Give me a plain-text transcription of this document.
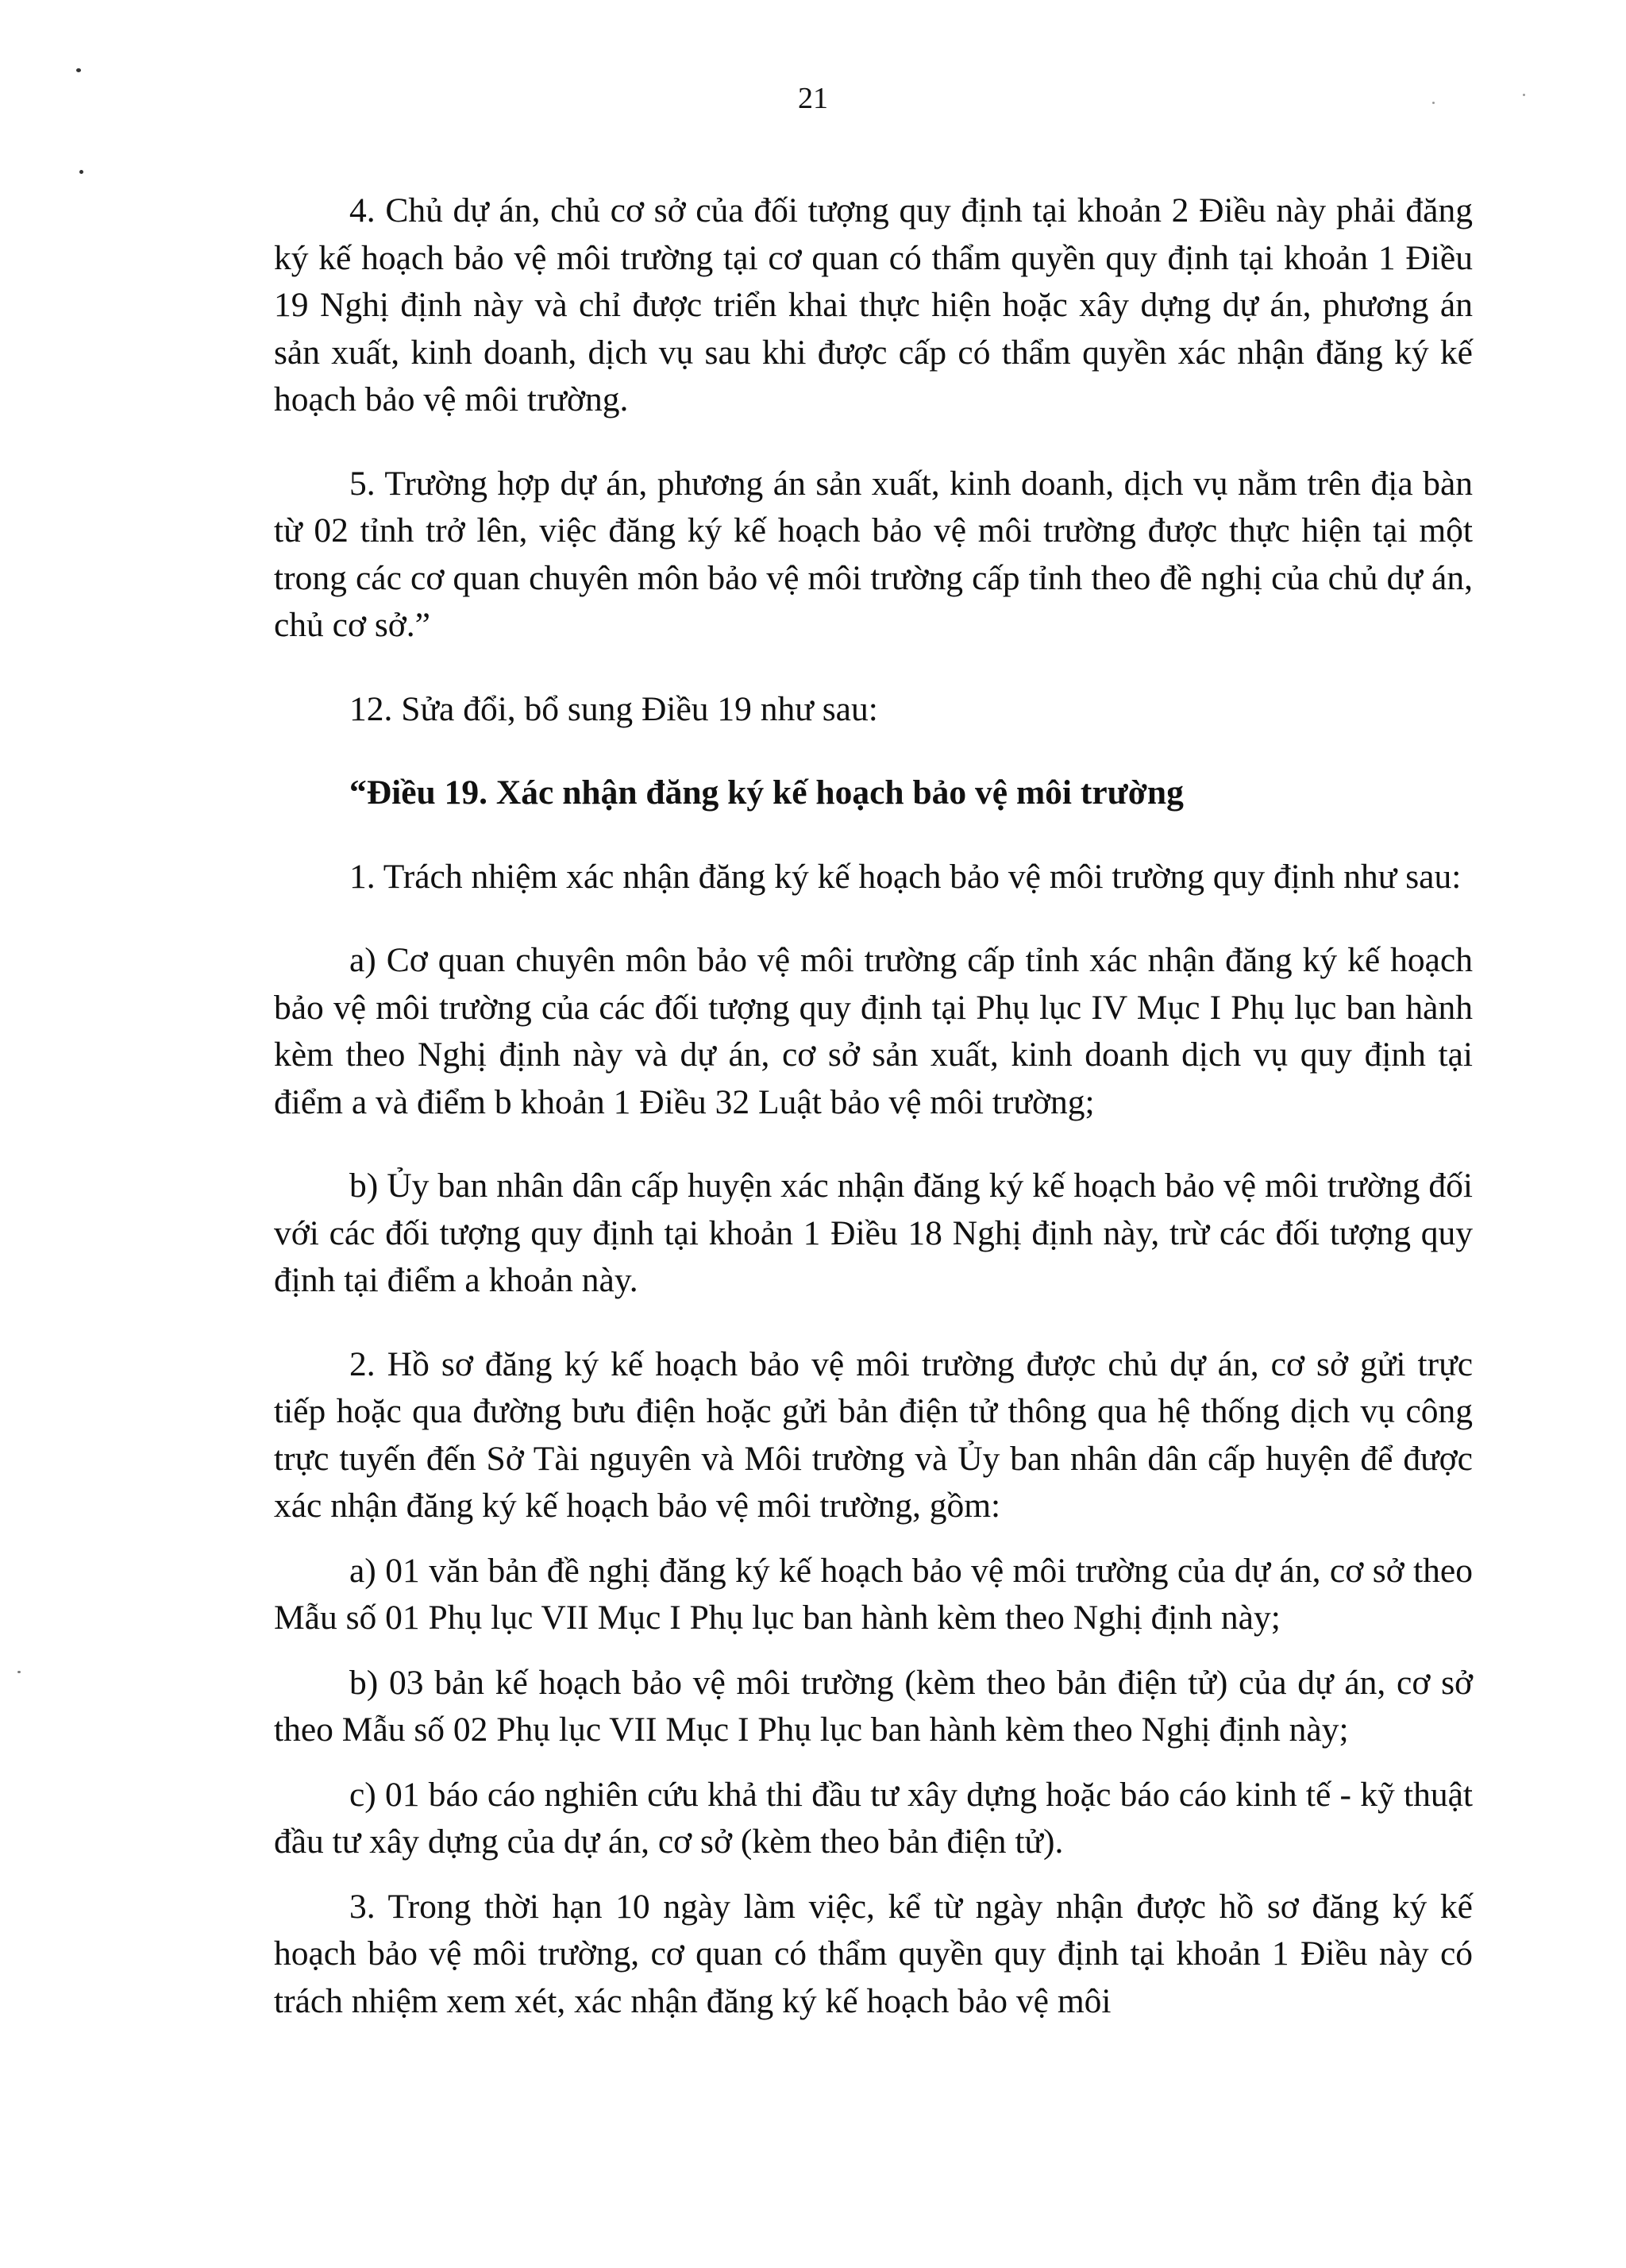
21

4. Chủ dự án, chủ cơ sở của đối tượng quy định tại khoản 2 Điều này phải đăng ký kế hoạch bảo vệ môi trường tại cơ quan có thẩm quyền quy định tại khoản 1 Điều 19 Nghị định này và chỉ được triển khai thực hiện hoặc xây dựng dự án, phương án sản xuất, kinh doanh, dịch vụ sau khi được cấp có thẩm quyền xác nhận đăng ký kế hoạch bảo vệ môi trường.

5. Trường hợp dự án, phương án sản xuất, kinh doanh, dịch vụ nằm trên địa bàn từ 02 tỉnh trở lên, việc đăng ký kế hoạch bảo vệ môi trường được thực hiện tại một trong các cơ quan chuyên môn bảo vệ môi trường cấp tỉnh theo đề nghị của chủ dự án, chủ cơ sở.”

12. Sửa đổi, bổ sung Điều 19 như sau:

“Điều 19. Xác nhận đăng ký kế hoạch bảo vệ môi trường

1. Trách nhiệm xác nhận đăng ký kế hoạch bảo vệ môi trường quy định như sau:

a) Cơ quan chuyên môn bảo vệ môi trường cấp tỉnh xác nhận đăng ký kế hoạch bảo vệ môi trường của các đối tượng quy định tại Phụ lục IV Mục I Phụ lục ban hành kèm theo Nghị định này và dự án, cơ sở sản xuất, kinh doanh dịch vụ quy định tại điểm a và điểm b khoản 1 Điều 32 Luật bảo vệ môi trường;

b) Ủy ban nhân dân cấp huyện xác nhận đăng ký kế hoạch bảo vệ môi trường đối với các đối tượng quy định tại khoản 1 Điều 18 Nghị định này, trừ các đối tượng quy định tại điểm a khoản này.

2. Hồ sơ đăng ký kế hoạch bảo vệ môi trường được chủ dự án, cơ sở gửi trực tiếp hoặc qua đường bưu điện hoặc gửi bản điện tử thông qua hệ thống dịch vụ công trực tuyến đến Sở Tài nguyên và Môi trường và Ủy ban nhân dân cấp huyện để được xác nhận đăng ký kế hoạch bảo vệ môi trường, gồm:

a) 01 văn bản đề nghị đăng ký kế hoạch bảo vệ môi trường của dự án, cơ sở theo Mẫu số 01 Phụ lục VII Mục I Phụ lục ban hành kèm theo Nghị định này;

b) 03 bản kế hoạch bảo vệ môi trường (kèm theo bản điện tử) của dự án, cơ sở theo Mẫu số 02 Phụ lục VII Mục I Phụ lục ban hành kèm theo Nghị định này;

c) 01 báo cáo nghiên cứu khả thi đầu tư xây dựng hoặc báo cáo kinh tế - kỹ thuật đầu tư xây dựng của dự án, cơ sở (kèm theo bản điện tử).

3. Trong thời hạn 10 ngày làm việc, kể từ ngày nhận được hồ sơ đăng ký kế hoạch bảo vệ môi trường, cơ quan có thẩm quyền quy định tại khoản 1 Điều này có trách nhiệm xem xét, xác nhận đăng ký kế hoạch bảo vệ môi
